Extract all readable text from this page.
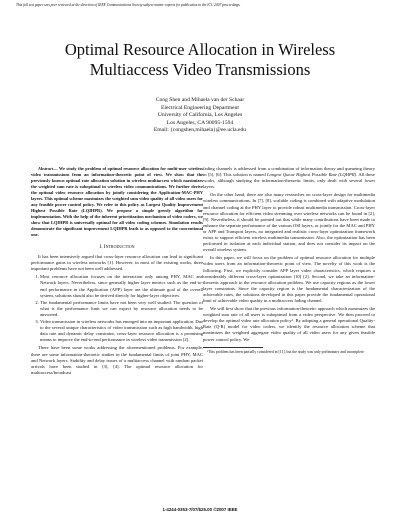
This full text paper was peer reviewed at the direction of IEEE Communications Society subject matter experts for publication in the ICC 2007 proceedings.
Optimal Resource Allocation in Wireless
Multiaccess Video Transmissions
Cong Shen and Mihaela van der Schaar
Electrical Engineering Department
University of California, Los Angeles
Los Angeles, CA 90095-1594
Email: {congshen,mihaela}@ee.ucla.edu

Abstract— We study the problem of optimal resource allocation for multi-user wireless video transmissions from an information-theoretic point of view. We show that the previously known optimal rate allocation solution in wireless multiaccess which maximizes the weighted sum rate is suboptimal in wireless video communications. We further derive the optimal video resource allocation by jointly considering the Application-MAC-PHY layers. This optimal scheme maximizes the weighted sum video quality of all video users for any feasible power control policy. We refer to this policy as Largest Quality Improvement Highest Possible Rate (LQIHPR). We propose a simple greedy algorithm for implementation. With the help of the inherent prioritization mechanism of video coders, we show that LQIHPR is universally optimal for all video coding schemes. Simulation results demonstrate the significant improvement LQIHPR leads to as opposed to the conventional one.

I. Introduction

It has been intensively argued that cross-layer resource allocation can lead to significant performance gains in wireless networks [1]. However, in most of the existing works, three important problems have not been well addressed.

1. Most resource allocation focuses on the interaction only among PHY, MAC and Network layers. Nevertheless, since generally higher layer metrics such as the end-to-end performance in the Application (APP) layer are the ultimate goal of the overall system, solutions should also be derived directly for higher-layer objectives.
2. The fundamental performance limits have not been very well studied. The question of what is the performance limit we can expect by resource allocation needs to be answered.
3. Video transmission in wireless networks has emerged into an important application. Due to the several unique characteristics of video transmission such as high bandwidth, high data rate and dynamic delay constraint, cross-layer resource allocation is a promising means to improve the end-to-end performance in wireless video transmission [2].

There have been some works addressing the aforementioned problems. For example, there are some information-theoretic studies in the fundamental limits of joint PHY, MAC and Network layers. Stability and delay issues of a multiaccess channel with random packet arrivals have been studied in [3], [4]. The optimal resource allocation for multiaccess/broadcast

fading channels is addressed from a combination of information theory and queueing theory in [5], [6]. This solution is named Longest Queue Highest Possible Rate (LQHPR). All these works, although studying the information-theoretic limits, only dealt with several lower layers.

On the other hand, there are also many researches on cross-layer design for multimedia wireless communications. In [7], [8], scalable coding is combined with adaptive modulation and channel coding at the PHY layer to provide robust multimedia transmission. Cross-layer resource allocation for efficient video streaming over wireless networks can be found in [2], [9]. Nevertheless, it should be pointed out that while many contributions have been made to enhance the separate performance of the various OSI layers, or jointly for the MAC and PHY or APP and Transport layers, no integrated and realistic cross-layer optimization framework exists to support efficient wireless multimedia transmission. Also, the optimization has been performed in isolation at each individual station, and does not consider its impact on the overall wireless system.

In this paper, we will focus on the problem of optimal resource allocation for multiple video users from an information-theoretic point of view. The novelty of this work is the following. First, we explicitly consider APP layer video characteristics, which requires a considerably different cross-layer optimization [10] [2]. Second, we take an information-theoretic approach to the resource allocation problem. We use capacity regions as the lower layer constraints. Since the capacity region is the fundamental characterization of the achievable rates, the solutions developed in this paper provide the fundamental operational limit of achievable video quality in a multiaccess fading channel.

We will first show that the previous information-theoretic approach which maximizes the weighted sum rate of all users is suboptimal from a video perspective. We then proceed to develop the optimal video rate allocation policy¹. By adopting a general operational Quality-Rate (Q-R) model for video coders, we identify the resource allocation scheme that maximizes the weighted aggregate video quality of all video users for any given feasible power control policy. We

¹This problem has been partially considered in [11], but the study was only preliminary and incomplete.
1-4244-0353-7/07/$25.00 ©2007 IEEE
